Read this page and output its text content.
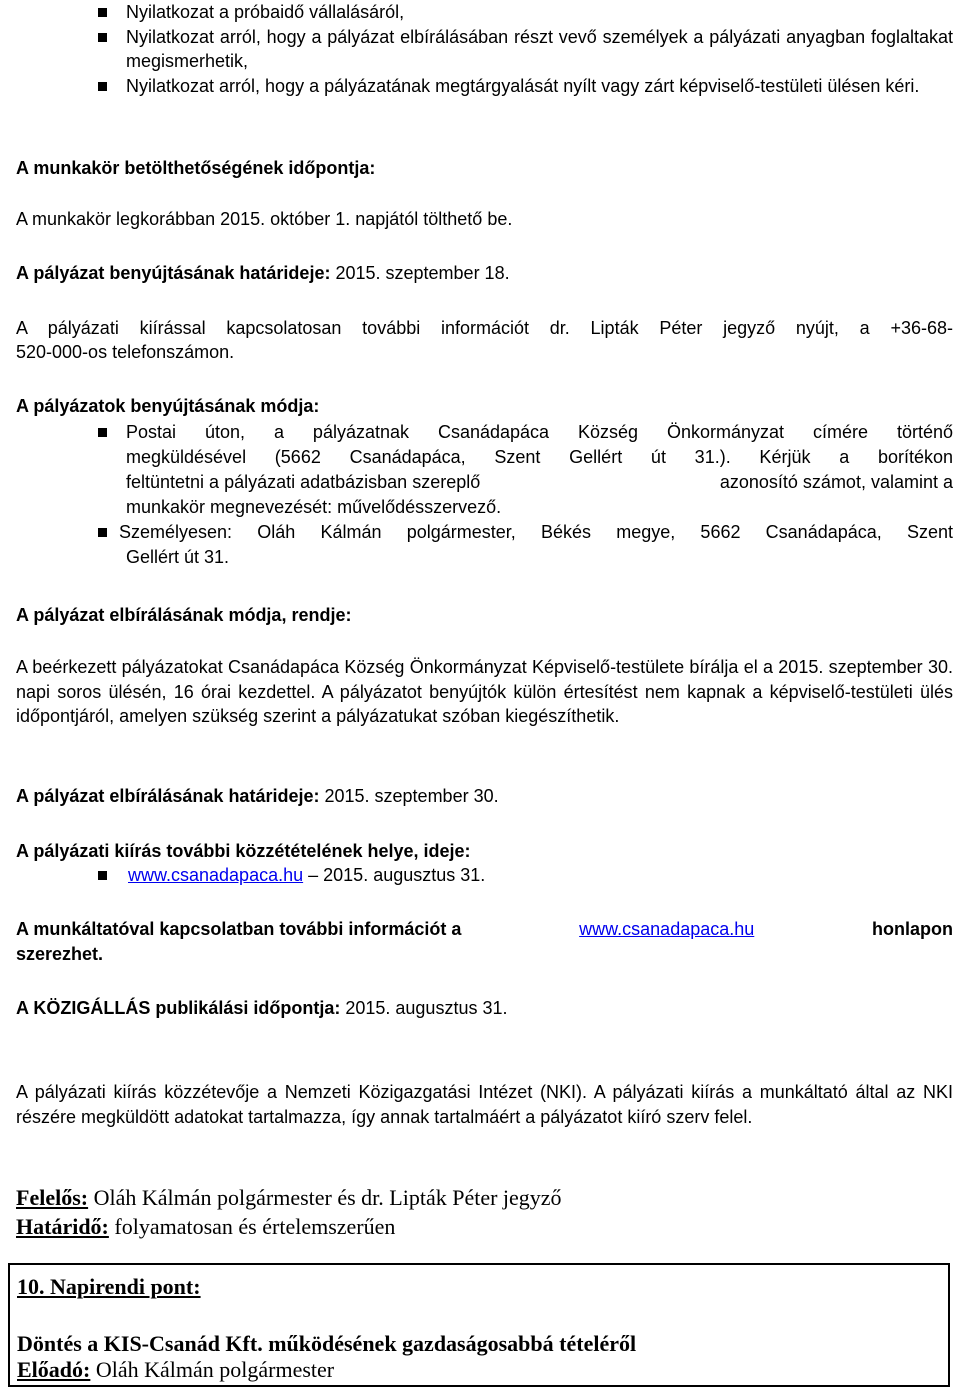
Nyilatkozat a próbaidő vállalásáról,
Nyilatkozat arról, hogy a pályázat elbírálásában részt vevő személyek a pályázati anyagban foglaltakat megismerhetik,
Nyilatkozat arról, hogy a pályázatának megtárgyalását nyílt vagy zárt képviselő-testületi ülésen kéri.
A munkakör betölthetőségének időpontja:
A munkakör legkorábban 2015. október 1. napjától tölthető be.
A pályázat benyújtásának határideje: 2015. szeptember 18.
A pályázati kiírással kapcsolatosan további információt dr. Lipták Péter jegyző nyújt, a +36-68-
520-000-os telefonszámon.
A pályázatok benyújtásának módja:
Postai úton, a pályázatnak Csanádapáca Község Önkormányzat címére történő
megküldésével (5662 Csanádapáca, Szent Gellért út 31.). Kérjük a borítékon
feltüntetni a pályázati adatbázisban szereplő	azonosító számot, valamint a
munkakör megnevezését: művelődésszervező.
Személyesen: Oláh Kálmán polgármester, Békés megye, 5662 Csanádapáca, Szent
Gellért út 31.
A pályázat elbírálásának módja, rendje:
A beérkezett pályázatokat Csanádapáca Község Önkormányzat Képviselő-testülete bírálja el a 2015. szeptember 30. napi soros ülésén, 16 órai kezdettel. A pályázatot benyújtók külön értesítést nem kapnak a képviselő-testületi ülés időpontjáról, amelyen szükség szerint a pályázatukat szóban kiegészíthetik.
A pályázat elbírálásának határideje: 2015. szeptember 30.
A pályázati kiírás további közzétételének helye, ideje:
www.csanadapaca.hu – 2015. augusztus 31.
A munkáltatóval kapcsolatban további információt a	www.csanadapaca.hu	honlapon
szerezhet.
A KÖZIGÁLLÁS publikálási időpontja: 2015. augusztus 31.
A pályázati kiírás közzétevője a Nemzeti Közigazgatási Intézet (NKI). A pályázati kiírás a munkáltató által az NKI részére megküldött adatokat tartalmazza, így annak tartalmáért a pályázatot kiíró szerv felel.
Felelős: Oláh Kálmán polgármester és dr. Lipták Péter jegyző
Határidő: folyamatosan és értelemszerűen
10. Napirendi pont:
Döntés a KIS-Csanád Kft. működésének gazdaságosabbá tételéről
Előadó: Oláh Kálmán polgármester
